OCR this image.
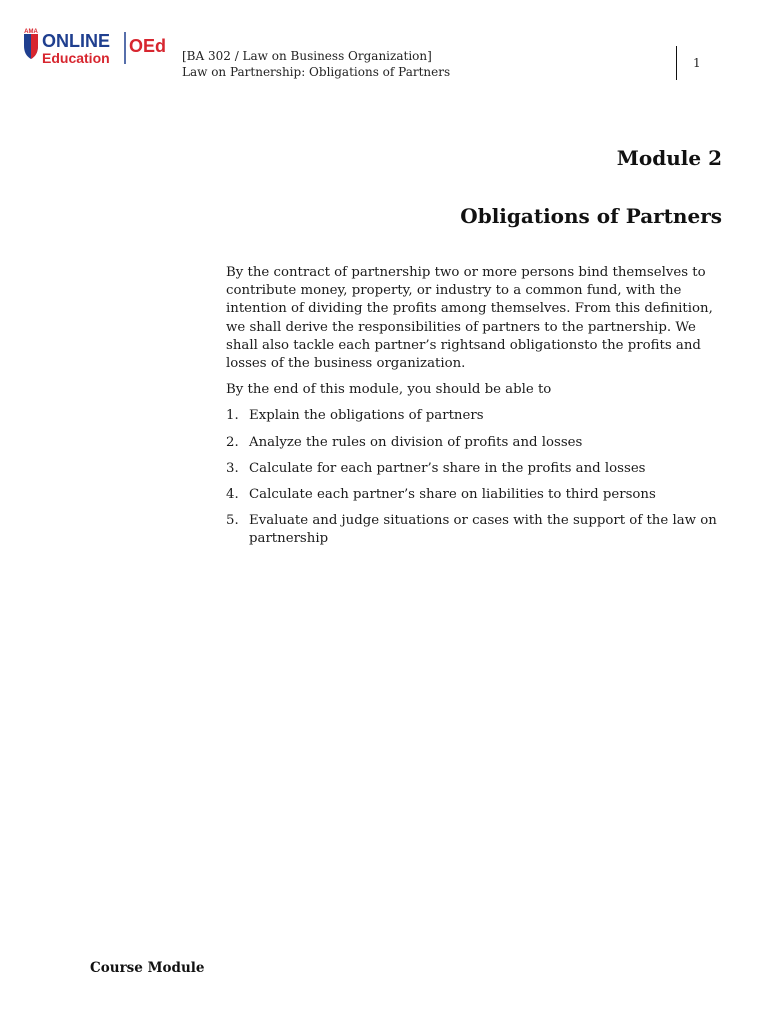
AMA ONLINE
Education
OEd [BA 302 / Law on Business Organization]
Law on Partnership: Obligations of Partners
1
Module 2
Obligations of Partners

By the contract of partnership two or more persons bind themselves to contribute money, property, or industry to a common fund, with the intention of dividing the profits among themselves. From this definition, we shall derive the responsibilities of partners to the partnership. We shall also tackle each partner’s rightsand obligationsto the profits and losses of the business organization.

By the end of this module, you should be able to

1. Explain the obligations of partners
2. Analyze the rules on division of profits and losses
3. Calculate for each partner’s share in the profits and losses
4. Calculate each partner’s share on liabilities to third persons
5. Evaluate and judge situations or cases with the support of the law on partnership
Course Module
